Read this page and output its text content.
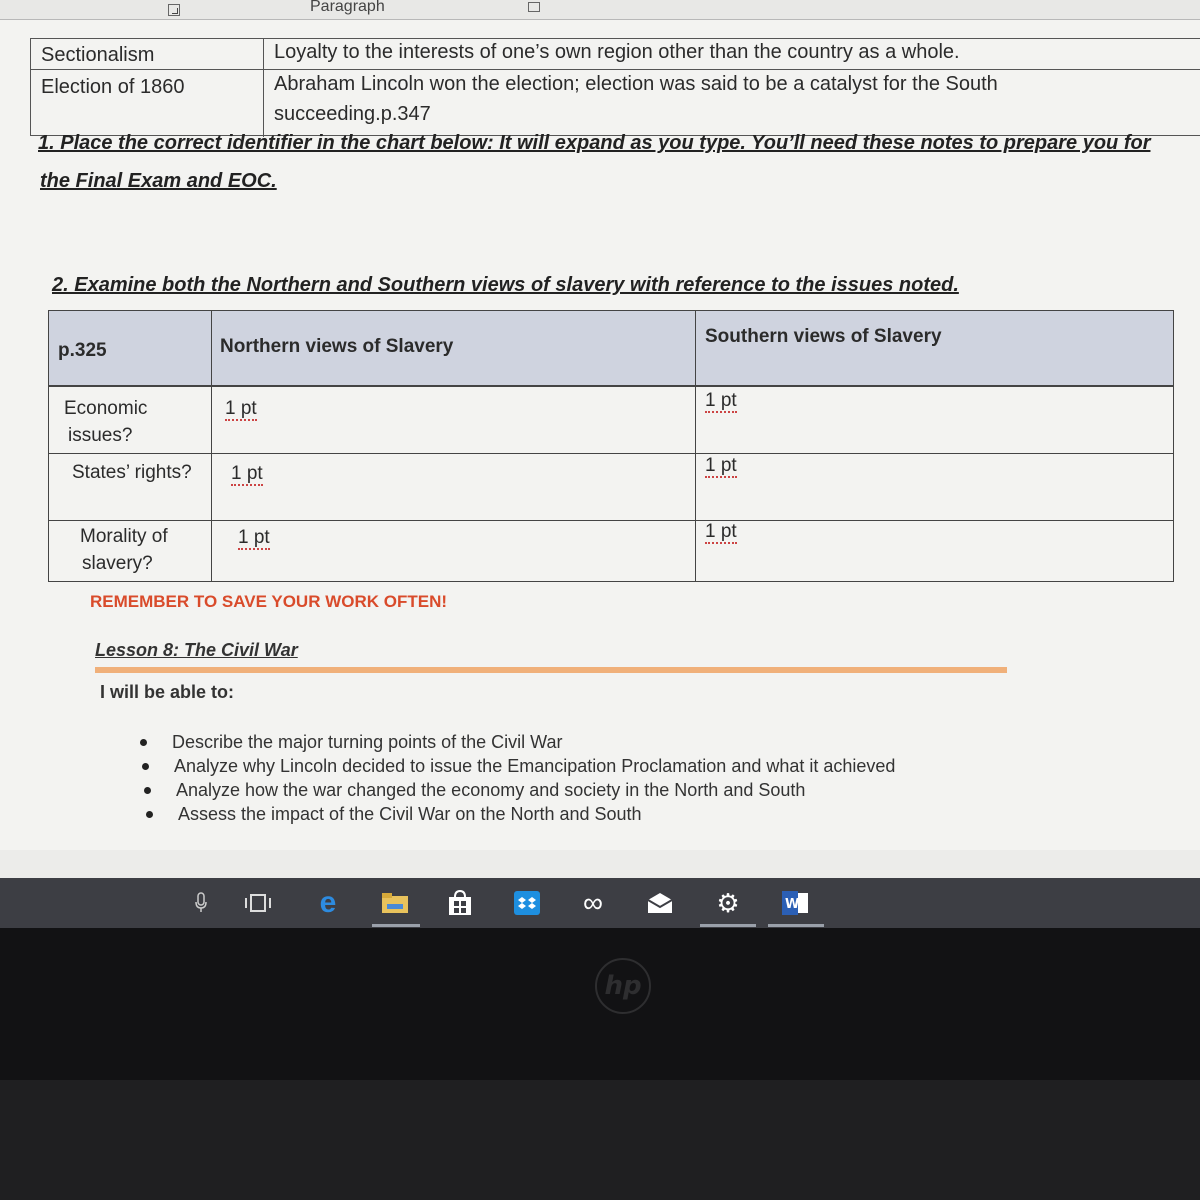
Paragraph
Sectionalism	Loyalty to the interests of one’s own region other than the country as a whole.
Election of 1860	Abraham Lincoln won the election; election was said to be a catalyst for the South
succeeding.p.347
1. Place the correct identifier in the chart below: It will expand as you type. You’ll need these notes to prepare you for
the Final Exam and EOC.
2. Examine both the Northern and Southern views of slavery with reference to the issues noted.
p.325	Northern views of Slavery	Southern views of Slavery
Economic
issues?
1 pt	1 pt
States’ rights? 1 pt	1 pt
Morality of
slavery?
1 pt	1 pt
REMEMBER TO SAVE YOUR WORK OFTEN!
Lesson 8: The Civil War
I will be able to:
Describe the major turning points of the Civil War
Analyze why Lincoln decided to issue the Emancipation Proclamation and what it achieved
Analyze how the war changed the economy and society in the North and South
Assess the impact of the Civil War on the North and South
e	∞	⚙	W
hp
